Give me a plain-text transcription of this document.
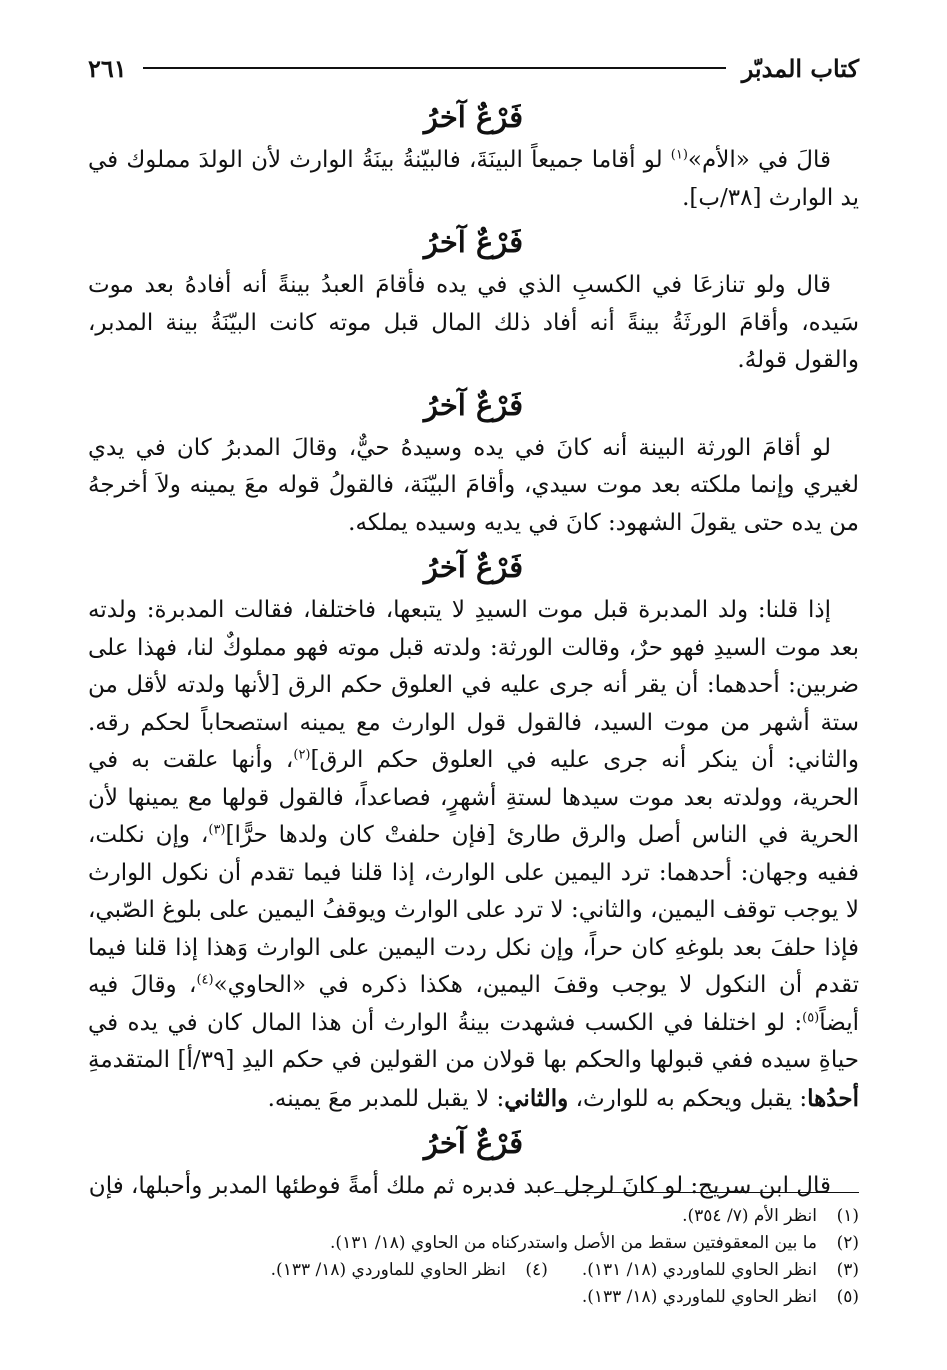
كتاب المدبّر
٢٦١
فَرْعٌ آخرُ

قالَ في «الأم»$^{(١)}$ لو أقاما جميعاً البينَةَ، فالبيّنةُ بينَةُ الوارث لأن الولدَ مملوك في يد الوارث [٣٨/ب].

فَرْعٌ آخرُ

قال ولو تنازعَا في الكسبِ الذي في يده فأقامَ العبدُ بينةً أنه أفادهُ بعد موت سَيده، وأقامَ الورثَةُ بينةً أنه أفاد ذلك المال قبل موته كانت البيّنَةُ بينة المدبر، والقول قولهُ.

فَرْعٌ آخرُ

لو أقامَ الورثة البينة أنه كانَ في يده وسيدهُ حيٌّ، وقالَ المدبرُ كان في يدي لغيري وإنما ملكته بعد موت سيدي، وأقامَ البيّنَة، فالقولُ قوله معَ يمينه ولاَ أخرجهُ من يده حتى يقولَ الشهود: كانَ في يديه وسيده يملكه.

فَرْعٌ آخرُ

إذا قلنا: ولد المدبرة قبل موت السيدِ لا يتبعها، فاختلفا، فقالت المدبرة: ولدته بعد موت السيدِ فهو حرٌ، وقالت الورثة: ولدته قبل موته فهو مملوكٌ لنا، فهذا على ضربين: أحدهما: أن يقر أنه جرى عليه في العلوق حكم الرق [لأنها ولدته لأقل من ستة أشهر من موت السيد، فالقول قول الوارث مع يمينه استصحاباً لحكم رقه. والثاني: أن ينكر أنه جرى عليه في العلوق حكم الرق]$^{(٢)}$، وأنها علقت به في الحرية، وولدته بعد موت سيدها لستةِ أشهرٍ، فصاعداً، فالقول قولها مع يمينها لأن الحرية في الناس أصل والرق طارئ [فإن حلفتْ كان ولدها حرًّا]$^{(٣)}$، وإن نكلت، ففيه وجهان: أحدهما: ترد اليمين على الوارث، إذا قلنا فيما تقدم أن نكول الوارث لا يوجب توقف اليمين، والثاني: لا ترد على الوارث ويوقفُ اليمين على بلوغ الصّبي، فإذا حلفَ بعد بلوغهِ كان حراً، وإن نكل ردت اليمين على الوارث وَهذا إذا قلنا فيما تقدم أن النكول لا يوجب وقفَ اليمين، هكذا ذكره في «الحاوي»$^{(٤)}$، وقالَ فيه أيضاً$^{(٥)}$: لو اختلفا في الكسب فشهدت بينةُ الوارث أن هذا المال كان في يده في حياةِ سيده ففي قبولها والحكم بها قولان من القولين في حكم اليدِ [٣٩/أ] المتقدمةِ أحدُها: يقبل ويحكم به للوارث، والثاني: لا يقبل للمدبر معَ يمينه.

فَرْعٌ آخرُ

قال ابن سريج: لو كانَ لرجل عبد فدبره ثم ملك أمةً فوطئها المدبر وأحبلها، فإن

(١)
انظر الأم (٧/ ٣٥٤).
(٢)
ما بين المعقوفتين سقط من الأصل واستدركناه من الحاوي (١٨/ ١٣١).
(٣)
انظر الحاوي للماوردي (١٨/ ١٣١).
(٤)
انظر الحاوي للماوردي (١٨/ ١٣٣).
(٥)
انظر الحاوي للماوردي (١٨/ ١٣٣).
